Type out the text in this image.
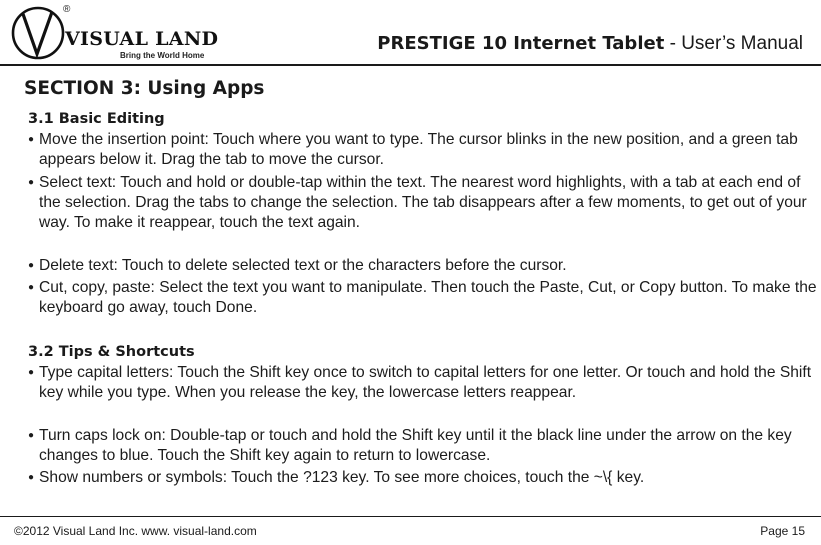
®
VISUAL LAND
Bring the World Home
PRESTIGE 10 Internet Tablet - User’s Manual
SECTION 3: Using Apps
3.1 Basic Editing
● Move the insertion point: Touch where you want to type. The cursor blinks in the new position, and a green tab appears below it. Drag the tab to move the cursor.
● Select text: Touch and hold or double-tap within the text. The nearest word highlights, with a tab at each end of the selection. Drag the tabs to change the selection. The tab disappears after a few moments, to get out of your way. To make it reappear, touch the text again.
● Delete text: Touch to delete selected text or the characters before the cursor.
● Cut, copy, paste: Select the text you want to manipulate. Then touch the Paste, Cut, or Copy button. To make the keyboard go away, touch Done.
3.2 Tips & Shortcuts
● Type capital letters: Touch the Shift key once to switch to capital letters for one letter. Or touch and hold the Shift key while you type. When you release the key, the lowercase letters reappear.
● Turn caps lock on: Double-tap or touch and hold the Shift key until it the black line under the arrow on the key changes to blue. Touch the Shift key again to return to lowercase.
● Show numbers or symbols: Touch the ?123 key. To see more choices, touch the ~\{ key.
©2012 Visual Land Inc. www. visual-land.com	Page 15
